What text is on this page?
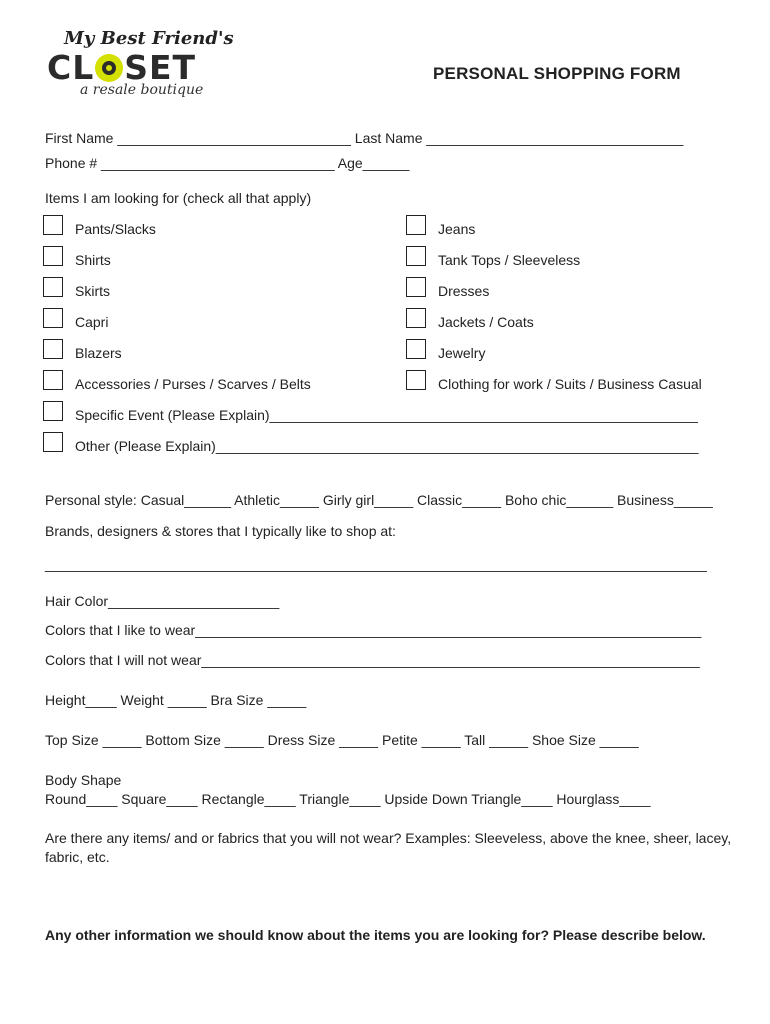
My Best Friend's
CL SET
a resale boutique
PERSONAL SHOPPING FORM
First Name ______________________________ Last Name _________________________________
Phone # ______________________________ Age______
Items I am looking for (check all that apply)
Pants/Slacks
Shirts
Skirts
Capri
Blazers
Accessories / Purses / Scarves / Belts
Jeans
Tank Tops / Sleeveless
Dresses
Jackets / Coats
Jewelry
Clothing for work / Suits / Business Casual
Specific Event (Please Explain)_______________________________________________________
Other (Please Explain)______________________________________________________________
Personal style: Casual______ Athletic_____ Girly girl_____ Classic_____ Boho chic______ Business_____
Brands, designers & stores that I typically like to shop at:
_____________________________________________________________________________________
Hair Color______________________
Colors that I like to wear_________________________________________________________________
Colors that I will not wear________________________________________________________________
Height____ Weight _____ Bra Size _____
Top Size _____ Bottom Size _____ Dress Size _____ Petite _____ Tall _____ Shoe Size _____
Body Shape
Round____ Square____ Rectangle____ Triangle____ Upside Down Triangle____ Hourglass____
Are there any items/ and or fabrics that you will not wear? Examples: Sleeveless, above the knee, sheer, lacey,
fabric, etc.
Any other information we should know about the items you are looking for? Please describe below.
